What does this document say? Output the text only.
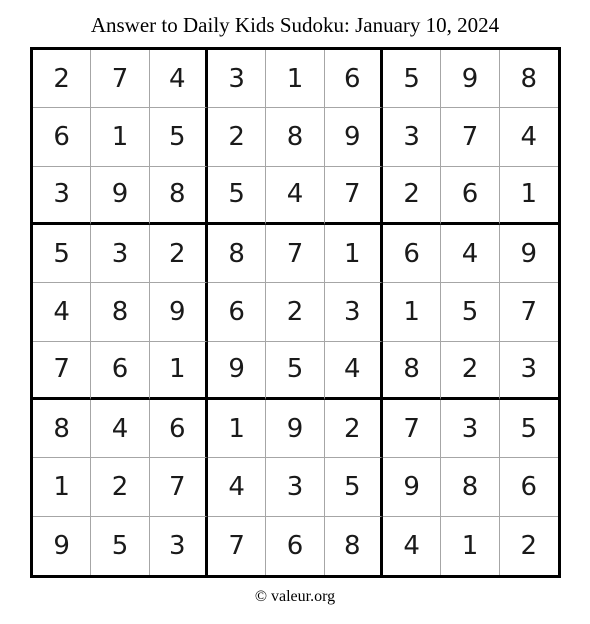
Answer to Daily Kids Sudoku: January 10, 2024
2	7	4	3	1	6	5	9	8
6	1	5	2	8	9	3	7	4
3	9	8	5	4	7	2	6	1
5	3	2	8	7	1	6	4	9
4	8	9	6	2	3	1	5	7
7	6	1	9	5	4	8	2	3
8	4	6	1	9	2	7	3	5
1	2	7	4	3	5	9	8	6
9	5	3	7	6	8	4	1	2
© valeur.org
